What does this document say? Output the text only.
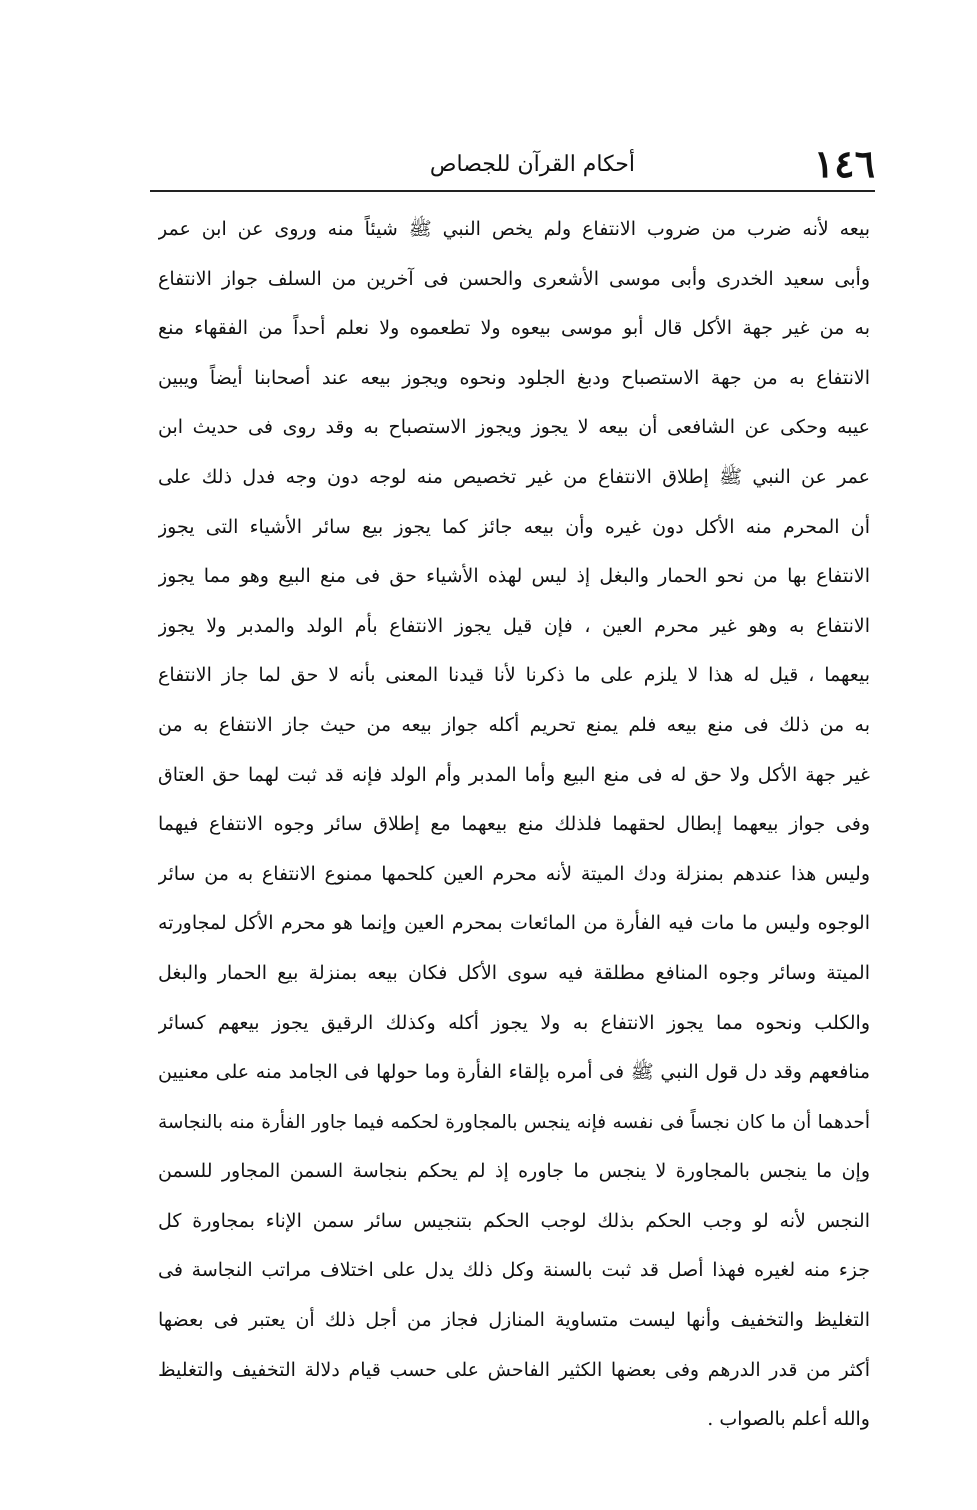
١٤٦
أحكام القرآن للجصاص
بيعه لأنه ضرب من ضروب الانتفاع ولم يخص النبي ﷺ شيئاً منه وروى عن ابن عمر
وأبى سعيد الخدرى وأبى موسى الأشعرى والحسن فى آخرين من السلف جواز الانتفاع
به من غير جهة الأكل قال أبو موسى بيعوه ولا تطعموه ولا نعلم أحداً من الفقهاء منع
الانتفاع به من جهة الاستصباح ودبغ الجلود ونحوه ويجوز بيعه عند أصحابنا أيضاً ويبين
عيبه وحكى عن الشافعى أن بيعه لا يجوز ويجوز الاستصباح به وقد روى فى حديث ابن
عمر عن النبي ﷺ إطلاق الانتفاع من غير تخصيص منه لوجه دون وجه فدل ذلك على
أن المحرم منه الأكل دون غيره وأن بيعه جائز كما يجوز بيع سائر الأشياء التى يجوز
الانتفاع بها من نحو الحمار والبغل إذ ليس لهذه الأشياء حق فى منع البيع وهو مما يجوز
الانتفاع به وهو غير محرم العين ، فإن قيل يجوز الانتفاع بأم الولد والمدبر ولا يجوز
بيعهما ، قيل له هذا لا يلزم على ما ذكرنا لأنا قيدنا المعنى بأنه لا حق لما جاز الانتفاع
به من ذلك فى منع بيعه فلم يمنع تحريم أكله جواز بيعه من حيث جاز الانتفاع به من
غير جهة الأكل ولا حق له فى منع البيع وأما المدبر وأم الولد فإنه قد ثبت لهما حق العتاق
وفى جواز بيعهما إبطال لحقهما فلذلك منع بيعهما مع إطلاق سائر وجوه الانتفاع فيهما
وليس هذا عندهم بمنزلة ودك الميتة لأنه محرم العين كلحمها ممنوع الانتفاع به من سائر
الوجوه وليس ما مات فيه الفأرة من المائعات بمحرم العين وإنما هو محرم الأكل لمجاورته
الميتة وسائر وجوه المنافع مطلقة فيه سوى الأكل فكان بيعه بمنزلة بيع الحمار والبغل
والكلب ونحوه مما يجوز الانتفاع به ولا يجوز أكله وكذلك الرقيق يجوز بيعهم كسائر
منافعهم وقد دل قول النبي ﷺ فى أمره بإلقاء الفأرة وما حولها فى الجامد منه على معنيين
أحدهما أن ما كان نجساً فى نفسه فإنه ينجس بالمجاورة لحكمه فيما جاور الفأرة منه بالنجاسة
وإن ما ينجس بالمجاورة لا ينجس ما جاوره إذ لم يحكم بنجاسة السمن المجاور للسمن
النجس لأنه لو وجب الحكم بذلك لوجب الحكم بتنجيس سائر سمن الإناء بمجاورة كل
جزء منه لغيره فهذا أصل قد ثبت بالسنة وكل ذلك يدل على اختلاف مراتب النجاسة فى
التغليظ والتخفيف وأنها ليست متساوية المنازل فجاز من أجل ذلك أن يعتبر فى بعضها
أكثر من قدر الدرهم وفى بعضها الكثير الفاحش على حسب قيام دلالة التخفيف والتغليظ
والله أعلم بالصواب .
